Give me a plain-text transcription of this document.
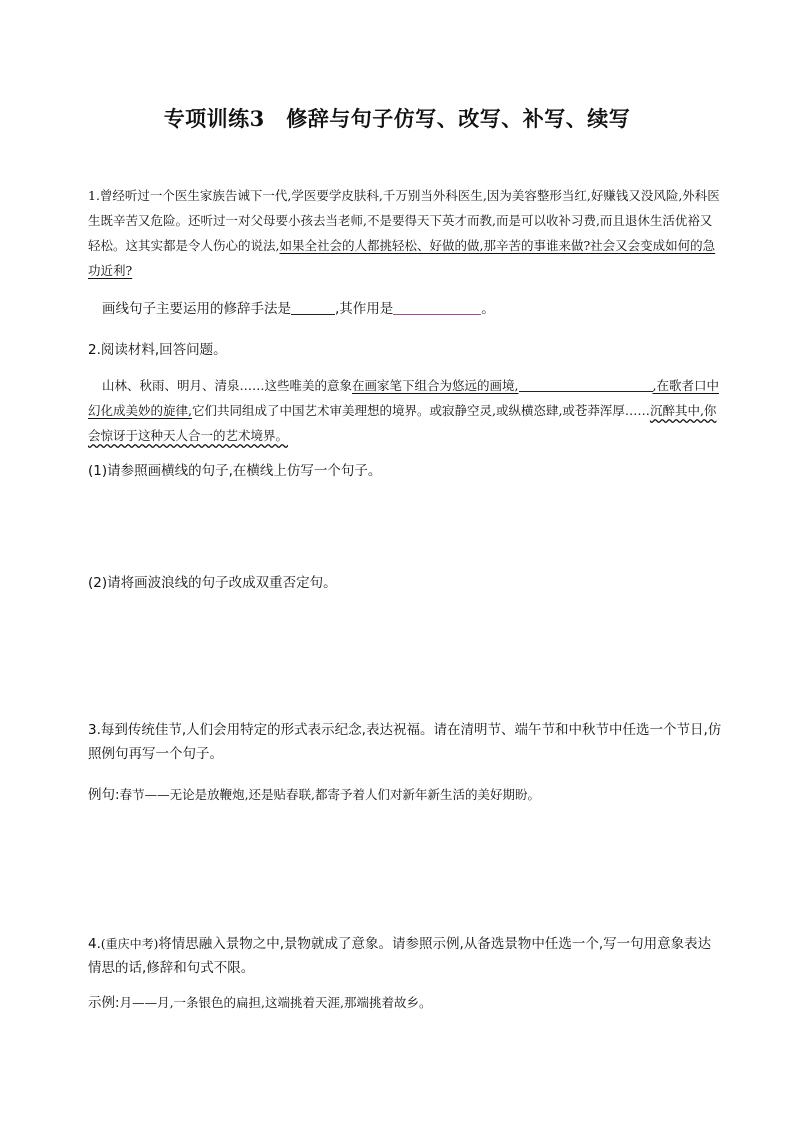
专项训练3　修辞与句子仿写、改写、补写、续写
1.曾经听过一个医生家族告诫下一代,学医要学皮肤科,千万别当外科医生,因为美容整形当红,好赚钱又没风险,外科医生既辛苦又危险。还听过一对父母要小孩去当老师,不是要得天下英才而教,而是可以收补习费,而且退休生活优裕又轻松。这其实都是令人伤心的说法,如果全社会的人都挑轻松、好做的做,那辛苦的事谁来做?社会又会变成如何的急功近利?
画线句子主要运用的修辞手法是	,其作用是	。
2.阅读材料,回答问题。
山林、秋雨、明月、清泉……这些唯美的意象在画家笔下组合为悠远的画境,	,在歌者口中幻化成美妙的旋律,它们共同组成了中国艺术审美理想的境界。或寂静空灵,或纵横恣肆,或苍莽浑厚……沉醉其中,你会惊讶于这种天人合一的艺术境界。
(1)请参照画横线的句子,在横线上仿写一个句子。
(2)请将画波浪线的句子改成双重否定句。
3.每到传统佳节,人们会用特定的形式表示纪念,表达祝福。请在清明节、端午节和中秋节中任选一个节日,仿照例句再写一个句子。
例句:春节——无论是放鞭炮,还是贴春联,都寄予着人们对新年新生活的美好期盼。
4.(重庆中考)将情思融入景物之中,景物就成了意象。请参照示例,从备选景物中任选一个,写一句用意象表达情思的话,修辞和句式不限。
示例:月——月,一条银色的扁担,这端挑着天涯,那端挑着故乡。
